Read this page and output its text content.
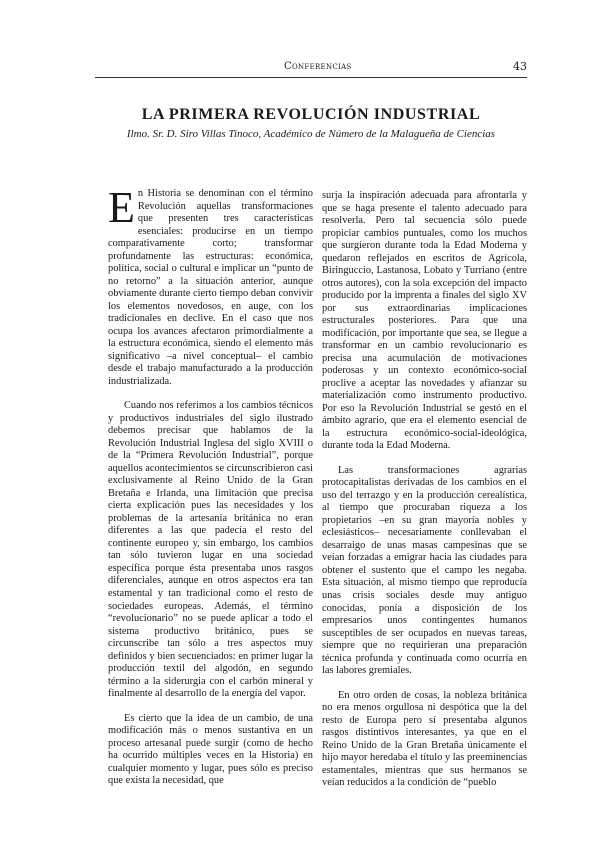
Conferencias	43
LA PRIMERA REVOLUCIÓN INDUSTRIAL

Ilmo. Sr. D. Siro Villas Tinoco, Académico de Número de la Malagueña de Ciencias

En Historia se denominan con el término Revolución aquellas transformaciones que presenten tres características esenciales: producirse en un tiempo comparativamente corto; transformar profundamente las estructuras: económica, política, social o cultural e implicar un “punto de no retorno” a la situación anterior, aunque obviamente durante cierto tiempo deban convivir los elementos novedosos, en auge, con los tradicionales en declive. En el caso que nos ocupa los avances afectaron primordialmente a la estructura económica, siendo el elemento más significativo –a nivel conceptual– el cambio desde el trabajo manufacturado a la producción industrializada.

Cuando nos referimos a los cambios técnicos y productivos industriales del siglo ilustrado debemos precisar que hablamos de la Revolución Industrial Inglesa del siglo XVIII o de la “Primera Revolución Industrial”, porque aquellos acontecimientos se circunscribieron casi exclusivamente al Reino Unido de la Gran Bretaña e Irlanda, una limitación que precisa cierta explicación pues las necesidades y los problemas de la artesanía británica no eran diferentes a las que padecía el resto del continente europeo y, sin embargo, los cambios tan sólo tuvieron lugar en una sociedad específica porque ésta presentaba unos rasgos diferenciales, aunque en otros aspectos era tan estamental y tan tradicional como el resto de sociedades europeas. Además, el término “revolucionario” no se puede aplicar a todo el sistema productivo británico, pues se circunscribe tan sólo a tres aspectos muy definidos y bien secuenciados: en primer lugar la producción textil del algodón, en segundo término a la siderurgia con el carbón mineral y finalmente al desarrollo de la energía del vapor.

Es cierto que la idea de un cambio, de una modificación más o menos sustantiva en un proceso artesanal puede surgir (como de hecho ha ocurrido múltiples veces en la Historia) en cualquier momento y lugar, pues sólo es preciso que exista la necesidad, que

surja la inspiración adecuada para afrontarla y que se haga presente el talento adecuado para resolverla. Pero tal secuencia sólo puede propiciar cambios puntuales, como los muchos que surgieron durante toda la Edad Moderna y quedaron reflejados en escritos de Agrícola, Biringuccio, Lastanosa, Lobato y Turriano (entre otros autores), con la sola excepción del impacto producido por la imprenta a finales del siglo XV por sus extraordinarias implicaciones estructurales posteriores. Para que una modificación, por importante que sea, se llegue a transformar en un cambio revolucionario es precisa una acumulación de motivaciones poderosas y un contexto económico-social proclive a aceptar las novedades y afianzar su materialización como instrumento productivo. Por eso la Revolución Industrial se gestó en el ámbito agrario, que era el elemento esencial de la estructura económico-social-ideológica, durante toda la Edad Moderna.

Las transformaciones agrarias protocapitalistas derivadas de los cambios en el uso del terrazgo y en la producción cerealística, al tiempo que procuraban riqueza a los propietarios –en su gran mayoría nobles y eclesiásticos– necesariamente conllevaban el desarraigo de unas masas campesinas que se veían forzadas a emigrar hacia las ciudades para obtener el sustento que el campo les negaba. Esta situación, al mismo tiempo que reproducía unas crisis sociales desde muy antiguo conocidas, ponía a disposición de los empresarios unos contingentes humanos susceptibles de ser ocupados en nuevas tareas, siempre que no requirieran una preparación técnica profunda y continuada como ocurría en las labores gremiales.

En otro orden de cosas, la nobleza británica no era menos orgullosa ni despótica que la del resto de Europa pero sí presentaba algunos rasgos distintivos interesantes, ya que en el Reino Unido de la Gran Bretaña únicamente el hijo mayor heredaba el título y las preeminencias estamentales, mientras que sus hermanos se veían reducidos a la condición de “pueblo
